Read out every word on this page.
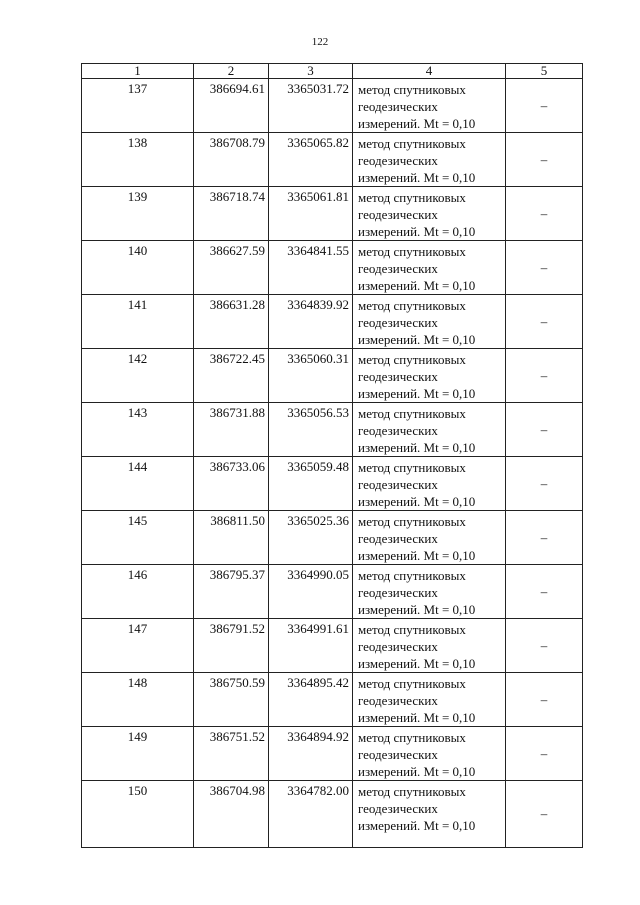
122
1	2	3	4	5
137	386694.61	3365031.72	метод спутниковых
геодезических
измерений. Mt = 0,10	–
138	386708.79	3365065.82	метод спутниковых
геодезических
измерений. Mt = 0,10	–
139	386718.74	3365061.81	метод спутниковых
геодезических
измерений. Mt = 0,10	–
140	386627.59	3364841.55	метод спутниковых
геодезических
измерений. Mt = 0,10	–
141	386631.28	3364839.92	метод спутниковых
геодезических
измерений. Mt = 0,10	–
142	386722.45	3365060.31	метод спутниковых
геодезических
измерений. Mt = 0,10	–
143	386731.88	3365056.53	метод спутниковых
геодезических
измерений. Mt = 0,10	–
144	386733.06	3365059.48	метод спутниковых
геодезических
измерений. Mt = 0,10	–
145	386811.50	3365025.36	метод спутниковых
геодезических
измерений. Mt = 0,10	–
146	386795.37	3364990.05	метод спутниковых
геодезических
измерений. Mt = 0,10	–
147	386791.52	3364991.61	метод спутниковых
геодезических
измерений. Mt = 0,10	–
148	386750.59	3364895.42	метод спутниковых
геодезических
измерений. Mt = 0,10	–
149	386751.52	3364894.92	метод спутниковых
геодезических
измерений. Mt = 0,10	–
150	386704.98	3364782.00	метод спутниковых
геодезических
измерений. Mt = 0,10	–
